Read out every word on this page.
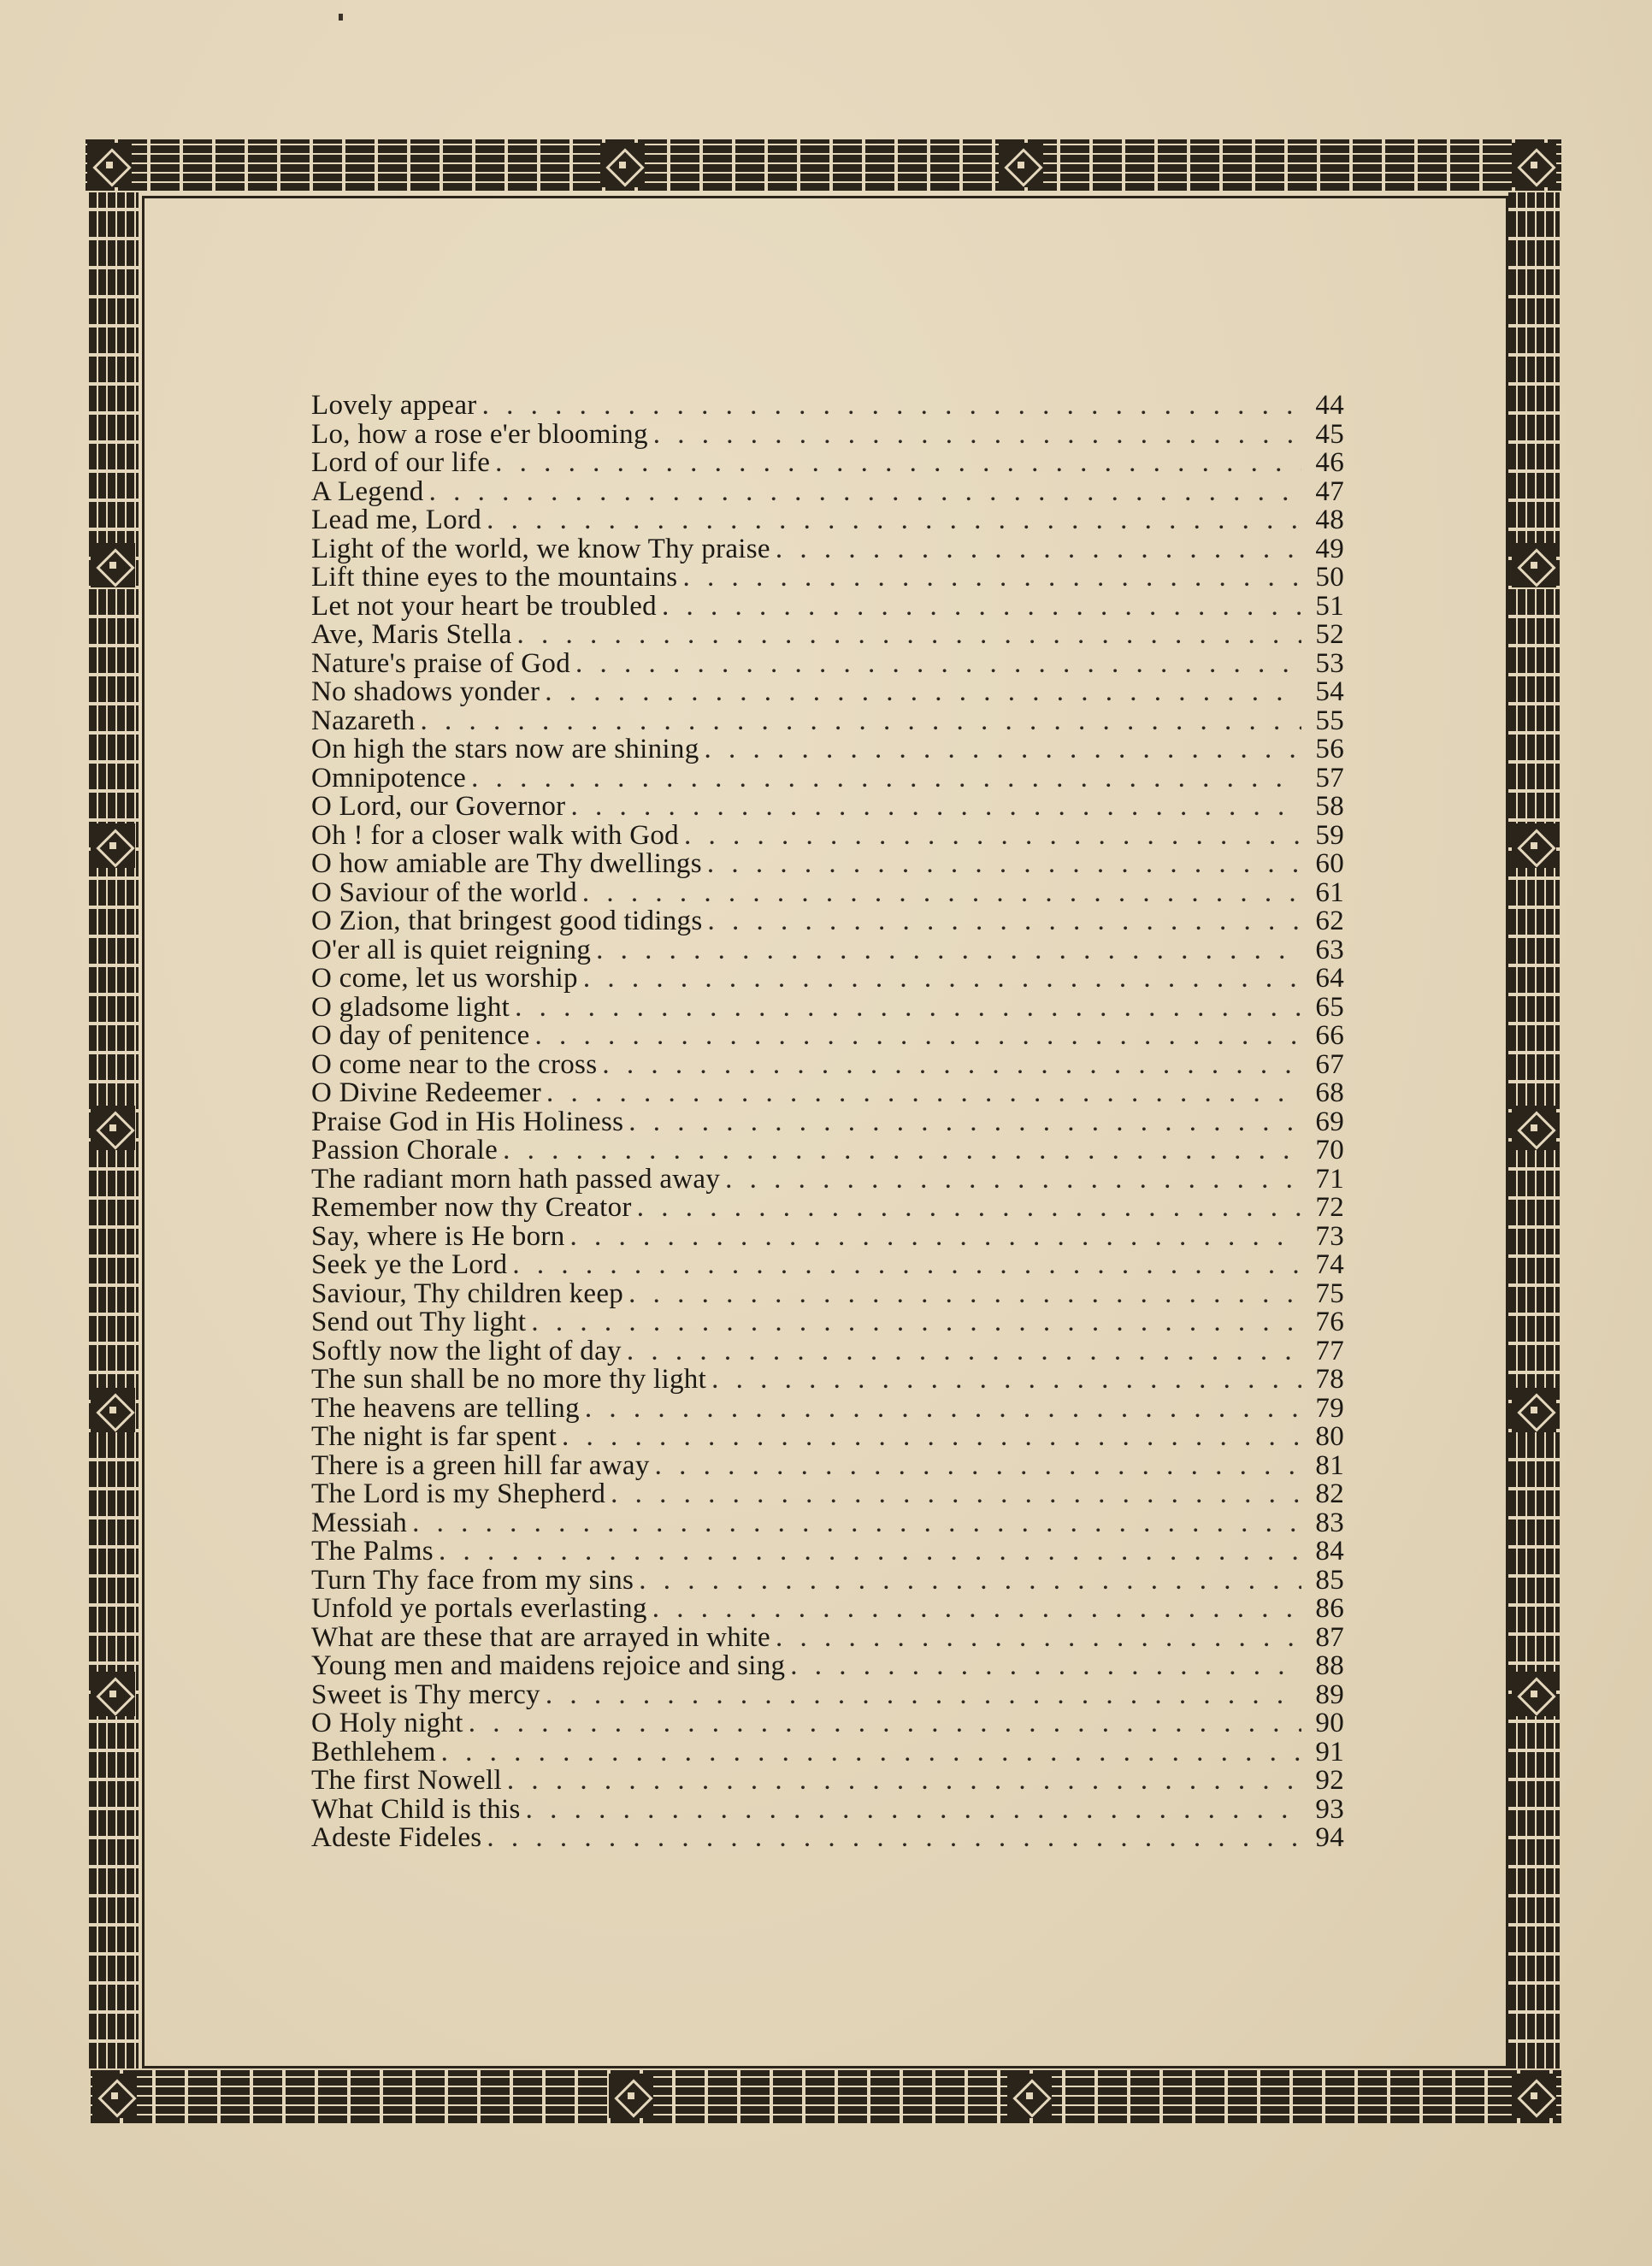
Lovely appear . . .	44
Lo, how a rose e'er blooming . . .	45
Lord of our life . . .	46
A Legend . . .	47
Lead me, Lord . . .	48
Light of the world, we know Thy praise . . .	49
Lift thine eyes to the mountains . . .	50
Let not your heart be troubled . . .	51
Ave, Maris Stella . . .	52
Nature's praise of God . . .	53
No shadows yonder . . .	54
Nazareth . . .	55
On high the stars now are shining . . .	56
Omnipotence . . .	57
O Lord, our Governor . . .	58
Oh ! for a closer walk with God . . .	59
O how amiable are Thy dwellings . . .	60
O Saviour of the world . . .	61
O Zion, that bringest good tidings . . .	62
O'er all is quiet reigning . . .	63
O come, let us worship . . .	64
O gladsome light . . .	65
O day of penitence . . .	66
O come near to the cross . . .	67
O Divine Redeemer . . .	68
Praise God in His Holiness . . .	69
Passion Chorale . . .	70
The radiant morn hath passed away . . .	71
Remember now thy Creator . . .	72
Say, where is He born . . .	73
Seek ye the Lord . . .	74
Saviour, Thy children keep . . .	75
Send out Thy light . . .	76
Softly now the light of day . . .	77
The sun shall be no more thy light . . .	78
The heavens are telling . . .	79
The night is far spent . . .	80
There is a green hill far away . . .	81
The Lord is my Shepherd . . .	82
Messiah . . .	83
The Palms . . .	84
Turn Thy face from my sins . . .	85
Unfold ye portals everlasting . . .	86
What are these that are arrayed in white . . .	87
Young men and maidens rejoice and sing . . .	88
Sweet is Thy mercy . . .	89
O Holy night . . .	90
Bethlehem . . .	91
The first Nowell . . .	92
What Child is this . . .	93
Adeste Fideles . . .	94
